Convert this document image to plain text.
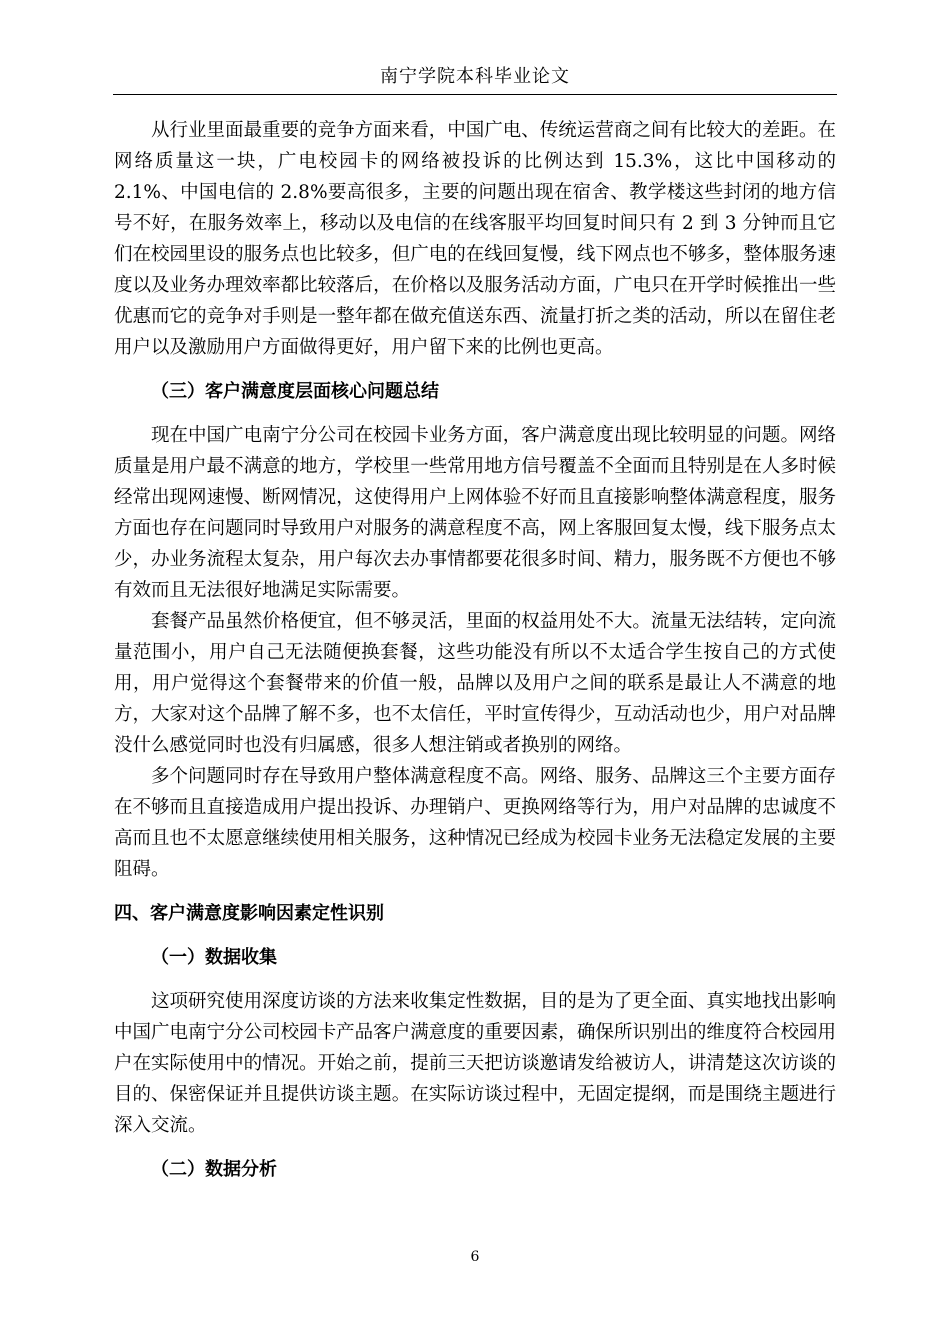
南宁学院本科毕业论文

从行业里面最重要的竞争方面来看，中国广电、传统运营商之间有比较大的差距。在网络质量这一块，广电校园卡的网络被投诉的比例达到 15.3%，这比中国移动的 2.1%、中国电信的 2.8%要高很多，主要的问题出现在宿舍、教学楼这些封闭的地方信号不好，在服务效率上，移动以及电信的在线客服平均回复时间只有 2 到 3 分钟而且它们在校园里设的服务点也比较多，但广电的在线回复慢，线下网点也不够多，整体服务速度以及业务办理效率都比较落后，在价格以及服务活动方面，广电只在开学时候推出一些优惠而它的竞争对手则是一整年都在做充值送东西、流量打折之类的活动，所以在留住老用户以及激励用户方面做得更好，用户留下来的比例也更高。

（三）客户满意度层面核心问题总结

现在中国广电南宁分公司在校园卡业务方面，客户满意度出现比较明显的问题。网络质量是用户最不满意的地方，学校里一些常用地方信号覆盖不全面而且特别是在人多时候经常出现网速慢、断网情况，这使得用户上网体验不好而且直接影响整体满意程度，服务方面也存在问题同时导致用户对服务的满意程度不高，网上客服回复太慢，线下服务点太少，办业务流程太复杂，用户每次去办事情都要花很多时间、精力，服务既不方便也不够有效而且无法很好地满足实际需要。

套餐产品虽然价格便宜，但不够灵活，里面的权益用处不大。流量无法结转，定向流量范围小，用户自己无法随便换套餐，这些功能没有所以不太适合学生按自己的方式使用，用户觉得这个套餐带来的价值一般，品牌以及用户之间的联系是最让人不满意的地方，大家对这个品牌了解不多，也不太信任，平时宣传得少，互动活动也少，用户对品牌没什么感觉同时也没有归属感，很多人想注销或者换别的网络。

多个问题同时存在导致用户整体满意程度不高。网络、服务、品牌这三个主要方面存在不够而且直接造成用户提出投诉、办理销户、更换网络等行为，用户对品牌的忠诚度不高而且也不太愿意继续使用相关服务，这种情况已经成为校园卡业务无法稳定发展的主要阻碍。

四、客户满意度影响因素定性识别
（一）数据收集

这项研究使用深度访谈的方法来收集定性数据，目的是为了更全面、真实地找出影响中国广电南宁分公司校园卡产品客户满意度的重要因素，确保所识别出的维度符合校园用户在实际使用中的情况。开始之前，提前三天把访谈邀请发给被访人，讲清楚这次访谈的目的、保密保证并且提供访谈主题。在实际访谈过程中，无固定提纲，而是围绕主题进行深入交流。

（二）数据分析
6
